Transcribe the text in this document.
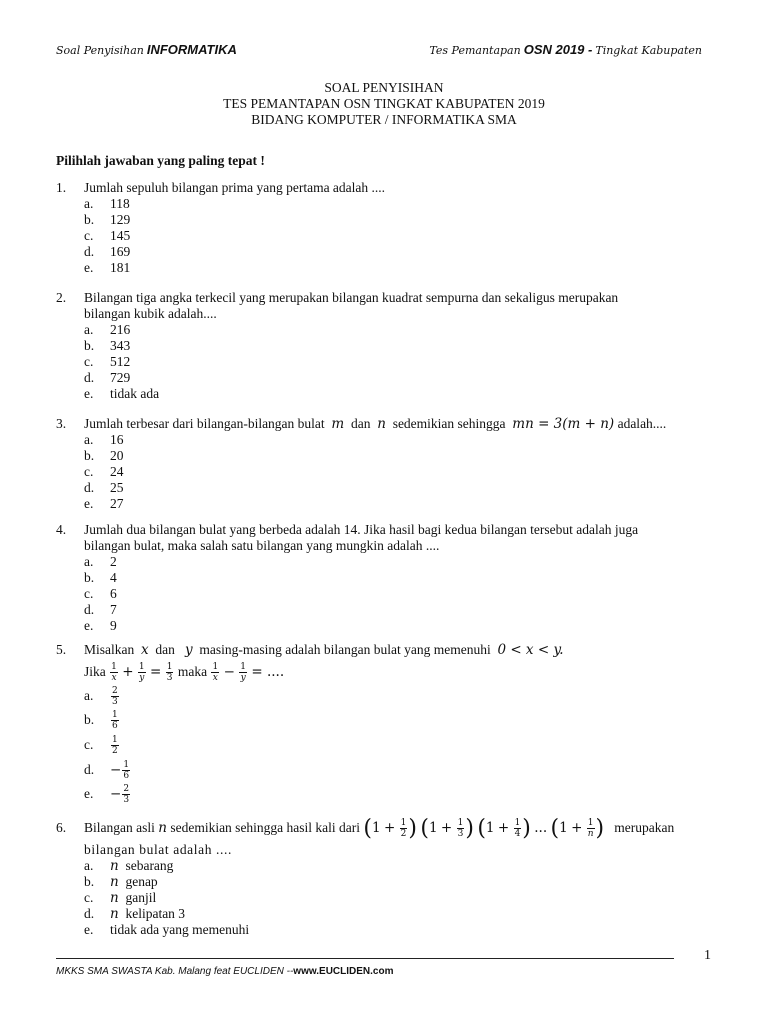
Soal Penyisihan INFORMATIKA	Tes Pemantapan OSN 2019 - Tingkat Kabupaten
SOAL PENYISIHAN
TES PEMANTAPAN OSN TINGKAT KABUPATEN 2019
BIDANG KOMPUTER / INFORMATIKA SMA
Pilihlah jawaban yang paling tepat !
1. Jumlah sepuluh bilangan prima yang pertama adalah ....
a. 118
b. 129
c. 145
d. 169
e. 181
2. Bilangan tiga angka terkecil yang merupakan bilangan kuadrat sempurna dan sekaligus merupakan
bilangan kubik adalah....
a. 216
b. 343
c. 512
d. 729
e. tidak ada
3. Jumlah terbesar dari bilangan-bilangan bulat m dan n sedemikian sehingga mn = 3(m + n) adalah....
a. 16
b. 20
c. 24
d. 25
e. 27
4. Jumlah dua bilangan bulat yang berbeda adalah 14. Jika hasil bagi kedua bilangan tersebut adalah juga
bilangan bulat, maka salah satu bilangan yang mungkin adalah ....
a. 2
b. 4
c. 6
d. 7
e. 9
5. Misalkan x dan y masing-masing adalah bilangan bulat yang memenuhi 0 < x < y.
Jika $\frac{1}{x} + \frac{1}{y} = \frac{1}{3}$ maka $\frac{1}{x} - \frac{1}{y}$ = ....
a. $\frac{2}{3}$
b. $\frac{1}{6}$
c. $\frac{1}{2}$
d. − $\frac{1}{6}$
e. − $\frac{2}{3}$
6. Bilangan asli n sedemikian sehingga hasil kali dari ($1 + \frac{1}{2}$ ) ($1 + \frac{1}{3}$ ) ($1 + \frac{1}{4}$ ) ... ($1 + \frac{1}{n}$ ) merupakan
bilangan bulat adalah ....
a. n sebarang
b. n genap
c. n ganjil
d. n kelipatan 3
e. tidak ada yang memenuhi
1
MKKS SMA SWASTA Kab. Malang feat EUCLIDEN --www.EUCLIDEN.com
